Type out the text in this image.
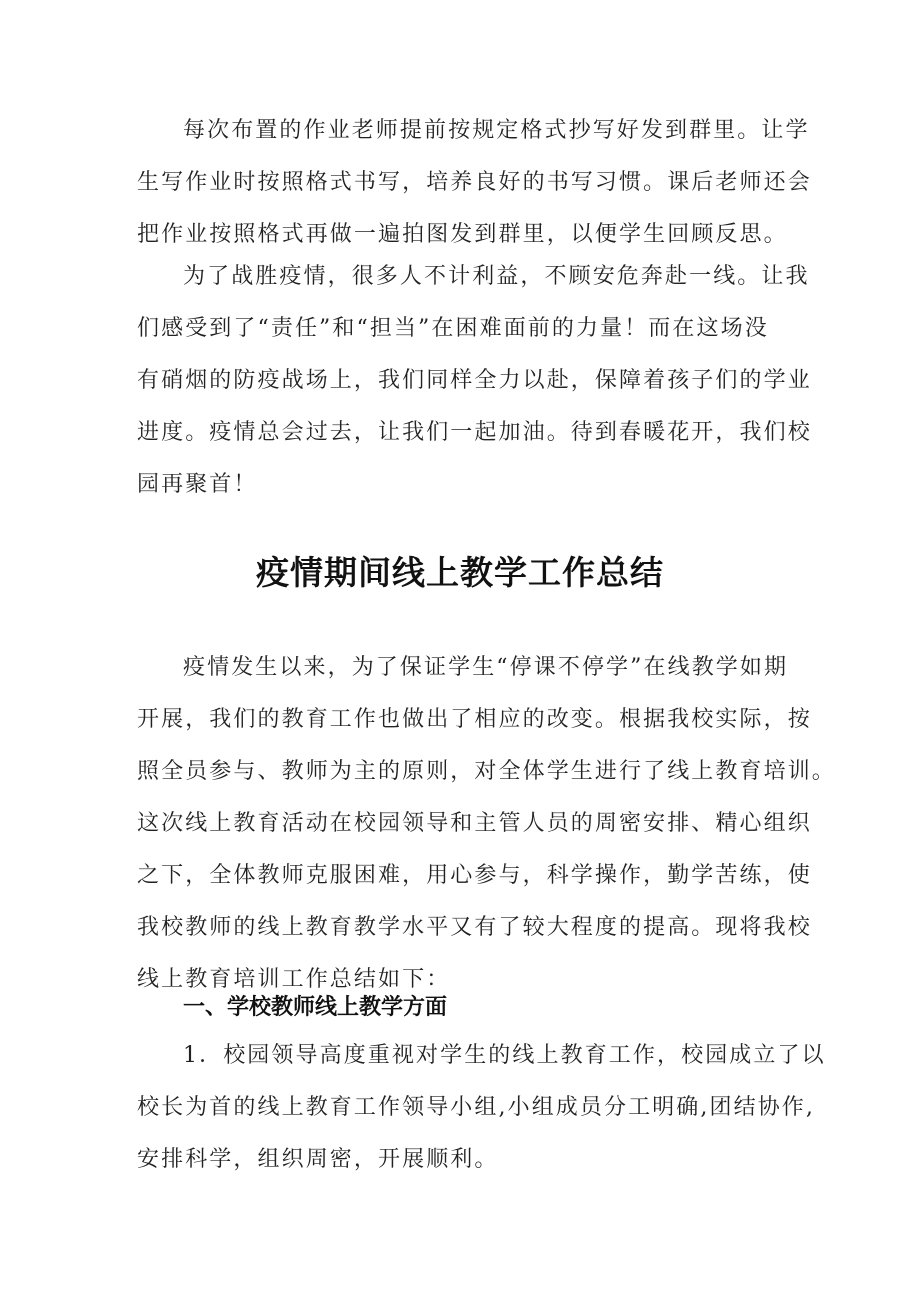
每次布置的作业老师提前按规定格式抄写好发到群里。让学
生写作业时按照格式书写，培养良好的书写习惯。课后老师还会
把作业按照格式再做一遍拍图发到群里，以便学生回顾反思。
为了战胜疫情，很多人不计利益，不顾安危奔赴一线。让我
们感受到了“责任”和“担当”在困难面前的力量！而在这场没
有硝烟的防疫战场上，我们同样全力以赴，保障着孩子们的学业
进度。疫情总会过去，让我们一起加油。待到春暖花开，我们校
园再聚首！
疫情期间线上教学工作总结
疫情发生以来，为了保证学生“停课不停学”在线教学如期
开展，我们的教育工作也做出了相应的改变。根据我校实际，按
照全员参与、教师为主的原则，对全体学生进行了线上教育培训。
这次线上教育活动在校园领导和主管人员的周密安排、精心组织
之下，全体教师克服困难，用心参与，科学操作，勤学苦练，使
我校教师的线上教育教学水平又有了较大程度的提高。现将我校
线上教育培训工作总结如下：
一、学校教师线上教学方面
1．校园领导高度重视对学生的线上教育工作，校园成立了以
校长为首的线上教育工作领导小组,小组成员分工明确,团结协作,
安排科学，组织周密，开展顺利。
